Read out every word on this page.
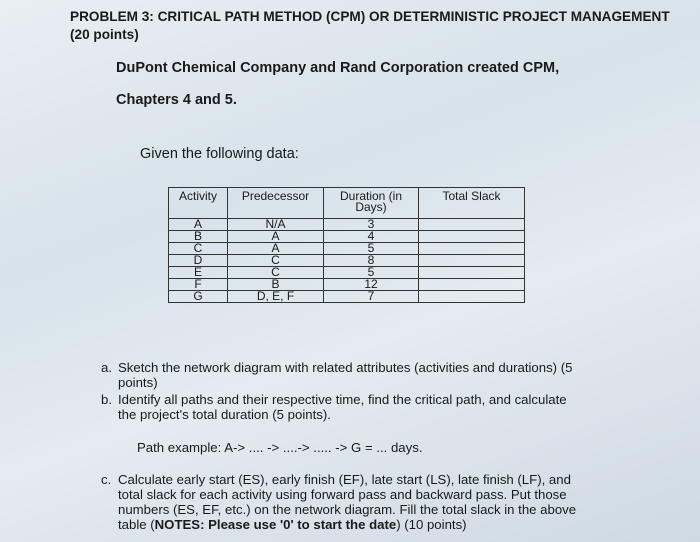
PROBLEM 3: CRITICAL PATH METHOD (CPM) OR DETERMINISTIC PROJECT MANAGEMENT
(20 points)
DuPont Chemical Company and Rand Corporation created CPM,
Chapters 4 and 5.
Given the following data:
Activity	Predecessor	Duration (in Days)	Total Slack
A	N/A	3	
B	A	4	
C	A	5	
D	C	8	
E	C	5	
F	B	12	
G	D, E, F	7	
a. Sketch the network diagram with related attributes (activities and durations) (5
points)
b. Identify all paths and their respective time, find the critical path, and calculate
the project's total duration (5 points).
Path example: A-> .... -> ....-> ..... -> G = ... days.
c. Calculate early start (ES), early finish (EF), late start (LS), late finish (LF), and
total slack for each activity using forward pass and backward pass. Put those
numbers (ES, EF, etc.) on the network diagram. Fill the total slack in the above
table (NOTES: Please use '0' to start the date) (10 points)
